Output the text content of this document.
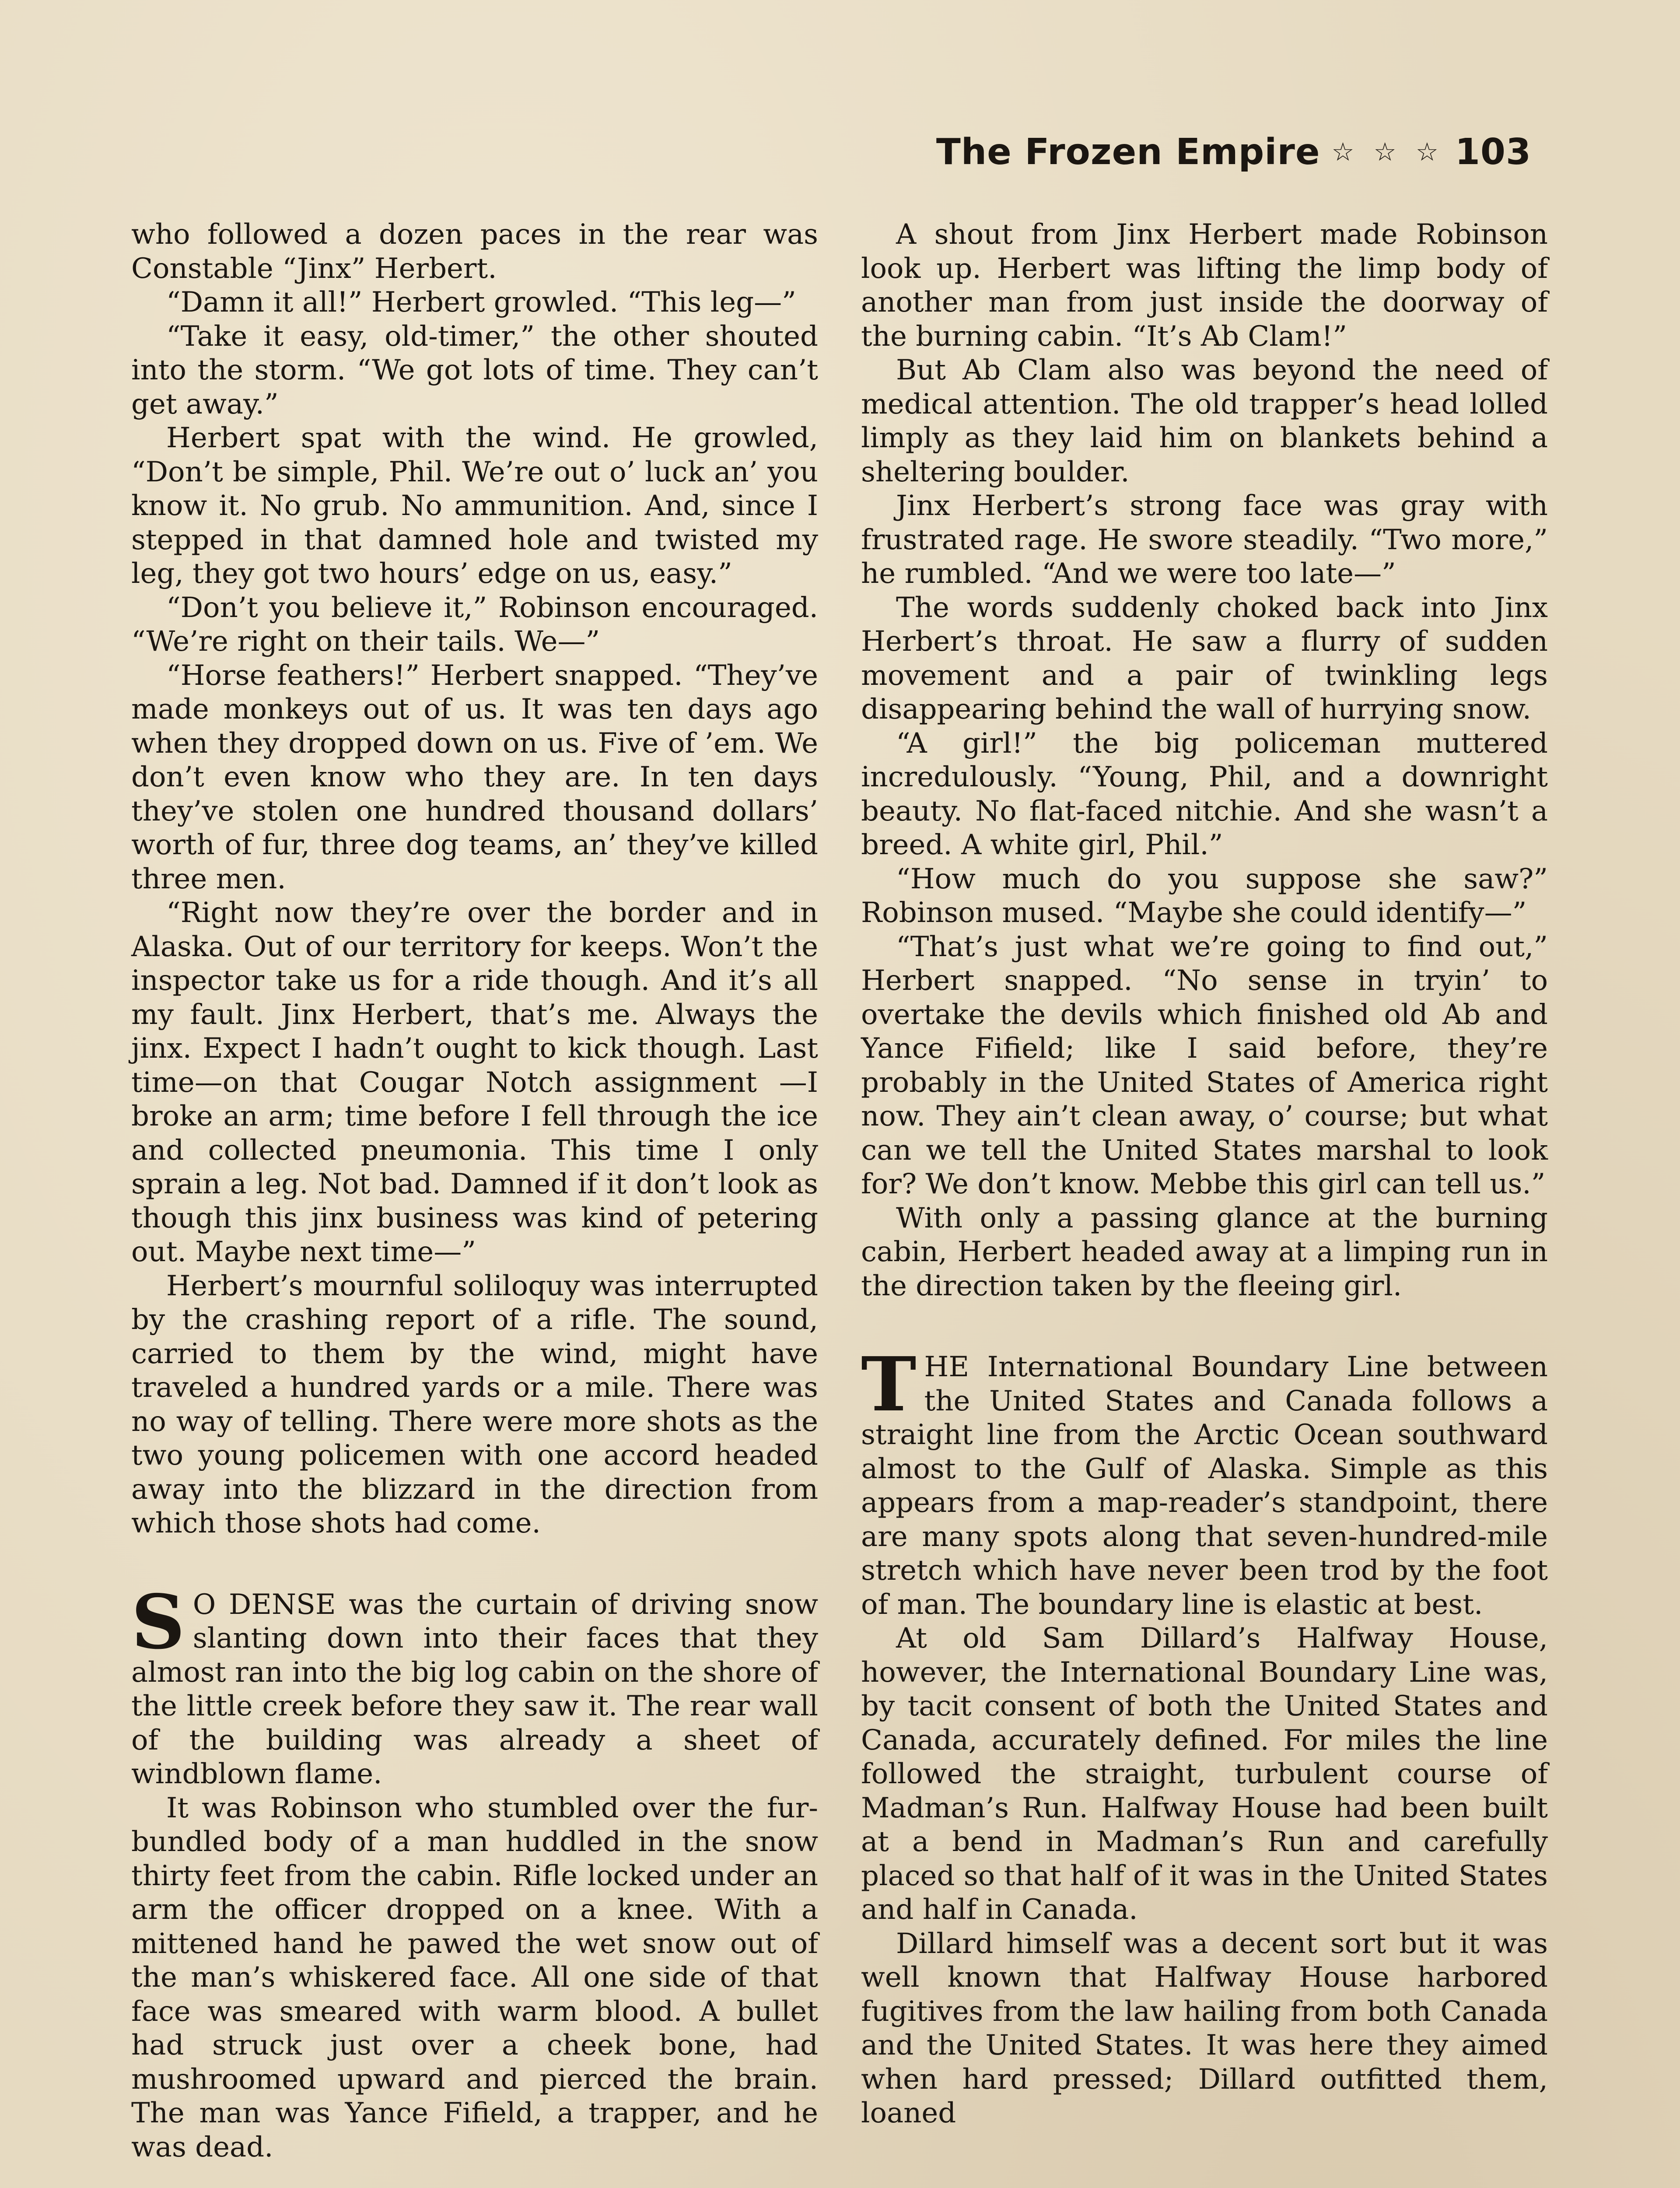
The Frozen Empire ☆ ☆ ☆ 103

who followed a dozen paces in the rear was Constable “Jinx” Herbert.

“Damn it all!” Herbert growled. “This leg—”

“Take it easy, old-timer,” the other shouted into the storm. “We got lots of time. They can’t get away.”

Herbert spat with the wind. He growled, “Don’t be simple, Phil. We’re out o’ luck an’ you know it. No grub. No ammunition. And, since I stepped in that damned hole and twisted my leg, they got two hours’ edge on us, easy.”

“Don’t you believe it,” Robinson encouraged. “We’re right on their tails. We—”

“Horse feathers!” Herbert snapped. “They’ve made monkeys out of us. It was ten days ago when they dropped down on us. Five of ’em. We don’t even know who they are. In ten days they’ve stolen one hundred thousand dollars’ worth of fur, three dog teams, an’ they’ve killed three men.

“Right now they’re over the border and in Alaska. Out of our territory for keeps. Won’t the inspector take us for a ride though. And it’s all my fault. Jinx Herbert, that’s me. Always the jinx. Expect I hadn’t ought to kick though. Last time—on that Cougar Notch assignment —I broke an arm; time before I fell through the ice and collected pneumonia. This time I only sprain a leg. Not bad. Damned if it don’t look as though this jinx business was kind of petering out. Maybe next time—”

Herbert’s mournful soliloquy was interrupted by the crashing report of a rifle. The sound, carried to them by the wind, might have traveled a hundred yards or a mile. There was no way of telling. There were more shots as the two young policemen with one accord headed away into the blizzard in the direction from which those shots had come.

S O DENSE was the curtain of driving snow slanting down into their faces that they almost ran into the big log cabin on the shore of the little creek before they saw it. The rear wall of the building was already a sheet of windblown flame.

It was Robinson who stumbled over the fur-bundled body of a man huddled in the snow thirty feet from the cabin. Rifle locked under an arm the officer dropped on a knee. With a mittened hand he pawed the wet snow out of the man’s whiskered face. All one side of that face was smeared with warm blood. A bullet had struck just over a cheek bone, had mushroomed upward and pierced the brain. The man was Yance Fifield, a trapper, and he was dead.

A shout from Jinx Herbert made Robinson look up. Herbert was lifting the limp body of another man from just inside the doorway of the burning cabin. “It’s Ab Clam!”

But Ab Clam also was beyond the need of medical attention. The old trapper’s head lolled limply as they laid him on blankets behind a sheltering boulder.

Jinx Herbert’s strong face was gray with frustrated rage. He swore steadily. “Two more,” he rumbled. “And we were too late—”

The words suddenly choked back into Jinx Herbert’s throat. He saw a flurry of sudden movement and a pair of twinkling legs disappearing behind the wall of hurrying snow.

“A girl!” the big policeman muttered incredulously. “Young, Phil, and a downright beauty. No flat-faced nitchie. And she wasn’t a breed. A white girl, Phil.”

“How much do you suppose she saw?” Robinson mused. “Maybe she could identify—”

“That’s just what we’re going to find out,” Herbert snapped. “No sense in tryin’ to overtake the devils which finished old Ab and Yance Fifield; like I said before, they’re probably in the United States of America right now. They ain’t clean away, o’ course; but what can we tell the United States marshal to look for? We don’t know. Mebbe this girl can tell us.”

With only a passing glance at the burning cabin, Herbert headed away at a limping run in the direction taken by the fleeing girl.

THE International Boundary Line between the United States and Canada follows a straight line from the Arctic Ocean southward almost to the Gulf of Alaska. Simple as this appears from a map-reader’s standpoint, there are many spots along that seven-hundred-mile stretch which have never been trod by the foot of man. The boundary line is elastic at best.

At old Sam Dillard’s Halfway House, however, the International Boundary Line was, by tacit consent of both the United States and Canada, accurately defined. For miles the line followed the straight, turbulent course of Madman’s Run. Halfway House had been built at a bend in Madman’s Run and carefully placed so that half of it was in the United States and half in Canada.

Dillard himself was a decent sort but it was well known that Halfway House harbored fugitives from the law hailing from both Canada and the United States. It was here they aimed when hard pressed; Dillard outfitted them, loaned
